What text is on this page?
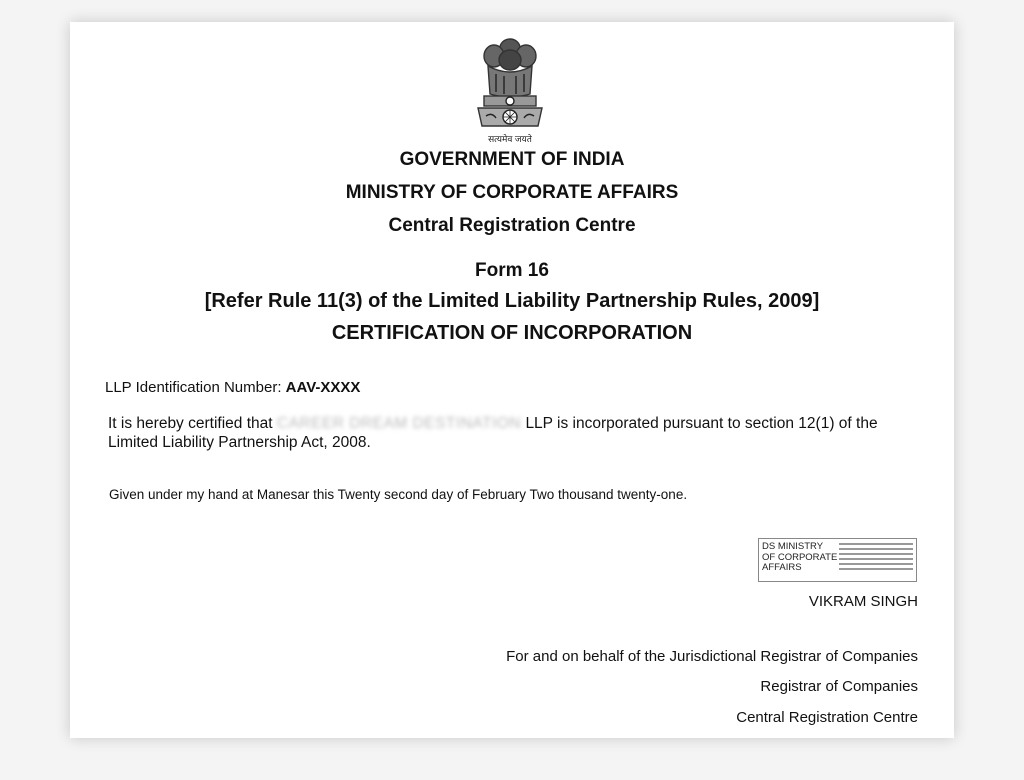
सत्यमेव जयते
GOVERNMENT OF INDIA
MINISTRY OF CORPORATE AFFAIRS
Central Registration Centre
Form 16
[Refer Rule 11(3) of the Limited Liability Partnership Rules, 2009]
CERTIFICATION OF INCORPORATION
LLP Identification Number: AAV-XXXX
It is hereby certified that CAREER DREAM DESTINATION LLP is incorporated pursuant to section 12(1) of the Limited Liability Partnership Act, 2008.
Given under my hand at Manesar this Twenty second day of February Two thousand twenty-one.
DS MINISTRY
OF CORPORATE
AFFAIRS
VIKRAM SINGH
For and on behalf of the Jurisdictional Registrar of Companies
Registrar of Companies
Central Registration Centre
